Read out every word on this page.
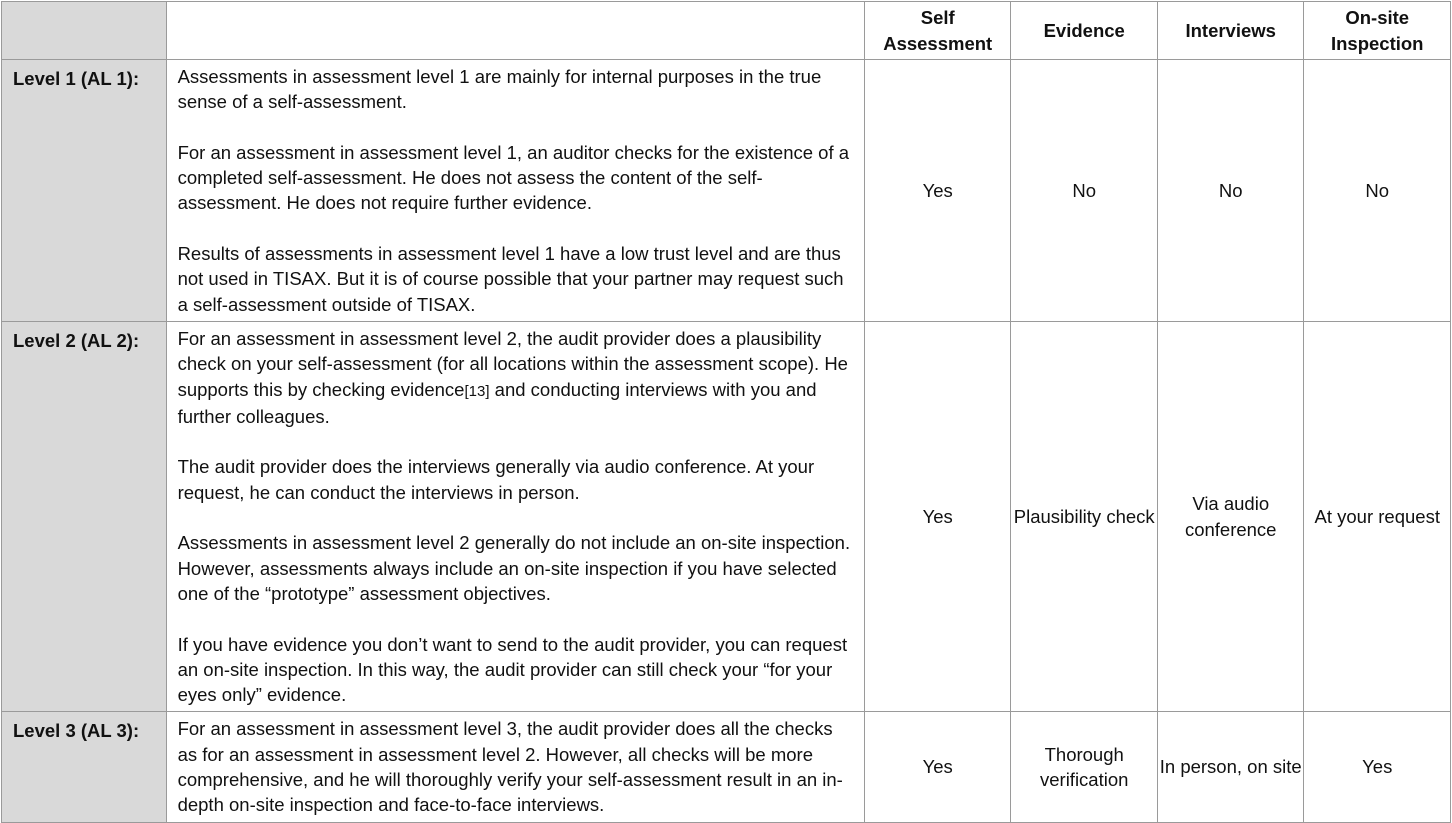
		Self Assessment	Evidence	Interviews	On-site Inspection
Level 1 (AL 1):	Assessments in assessment level 1 are mainly for internal purposes in the true sense of a self-assessment.

For an assessment in assessment level 1, an auditor checks for the existence of a completed self-assessment. He does not assess the content of the self-assessment. He does not require further evidence.

Results of assessments in assessment level 1 have a low trust level and are thus not used in TISAX. But it is of course possible that your partner may request such a self-assessment outside of TISAX.	Yes	No	No	No
Level 2 (AL 2):	For an assessment in assessment level 2, the audit provider does a plausibility check on your self-assessment (for all locations within the assessment scope). He supports this by checking evidence[13] and conducting interviews with you and further colleagues.

The audit provider does the interviews generally via audio conference. At your request, he can conduct the interviews in person.

Assessments in assessment level 2 generally do not include an on-site inspection. However, assessments always include an on-site inspection if you have selected one of the “prototype” assessment objectives.

If you have evidence you don’t want to send to the audit provider, you can request an on-site inspection. In this way, the audit provider can still check your “for your eyes only” evidence.	Yes	Plausibility check	Via audio conference	At your request
Level 3 (AL 3):	For an assessment in assessment level 3, the audit provider does all the checks as for an assessment in assessment level 2. However, all checks will be more comprehensive, and he will thoroughly verify your self-assessment result in an in- depth on-site inspection and face-to-face interviews.	Yes	Thorough verification	In person, on site	Yes
